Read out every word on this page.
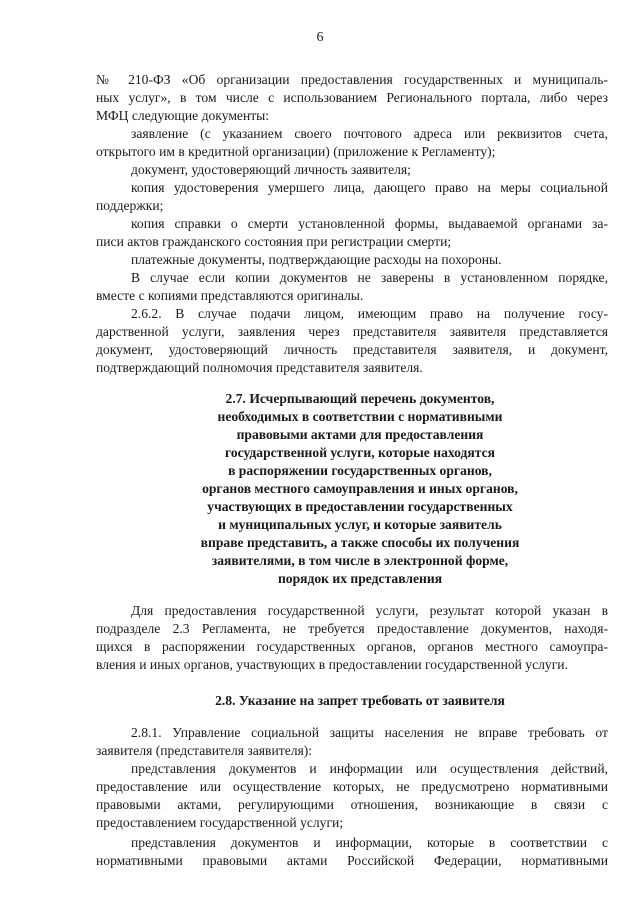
6
№ 210-ФЗ «Об организации предоставления государственных и муниципаль-
ных услуг», в том числе с использованием Регионального портала, либо через
МФЦ следующие документы:
заявление (с указанием своего почтового адреса или реквизитов счета,
открытого им в кредитной организации) (приложение к Регламенту);
документ, удостоверяющий личность заявителя;
копия удостоверения умершего лица, дающего право на меры социальной
поддержки;
копия справки о смерти установленной формы, выдаваемой органами за-
писи актов гражданского состояния при регистрации смерти;
платежные документы, подтверждающие расходы на похороны.
В случае если копии документов не заверены в установленном порядке,
вместе с копиями представляются оригиналы.
2.6.2. В случае подачи лицом, имеющим право на получение госу-
дарственной услуги, заявления через представителя заявителя представляется
документ, удостоверяющий личность представителя заявителя, и документ,
подтверждающий полномочия представителя заявителя.
2.7. Исчерпывающий перечень документов,
необходимых в соответствии с нормативными
правовыми актами для предоставления
государственной услуги, которые находятся
в распоряжении государственных органов,
органов местного самоуправления и иных органов,
участвующих в предоставлении государственных
и муниципальных услуг, и которые заявитель
вправе представить, а также способы их получения
заявителями, в том числе в электронной форме,
порядок их представления
Для предоставления государственной услуги, результат которой указан в
подразделе 2.3 Регламента, не требуется предоставление документов, находя-
щихся в распоряжении государственных органов, органов местного самоупра-
вления и иных органов, участвующих в предоставлении государственной услуги.
2.8. Указание на запрет требовать от заявителя
2.8.1. Управление социальной защиты населения не вправе требовать от
заявителя (представителя заявителя):
представления документов и информации или осуществления действий,
предоставление или осуществление которых, не предусмотрено нормативными
правовыми актами, регулирующими отношения, возникающие в связи с
предоставлением государственной услуги;
представления документов и информации, которые в соответствии с
нормативными правовыми актами Российской Федерации, нормативными
